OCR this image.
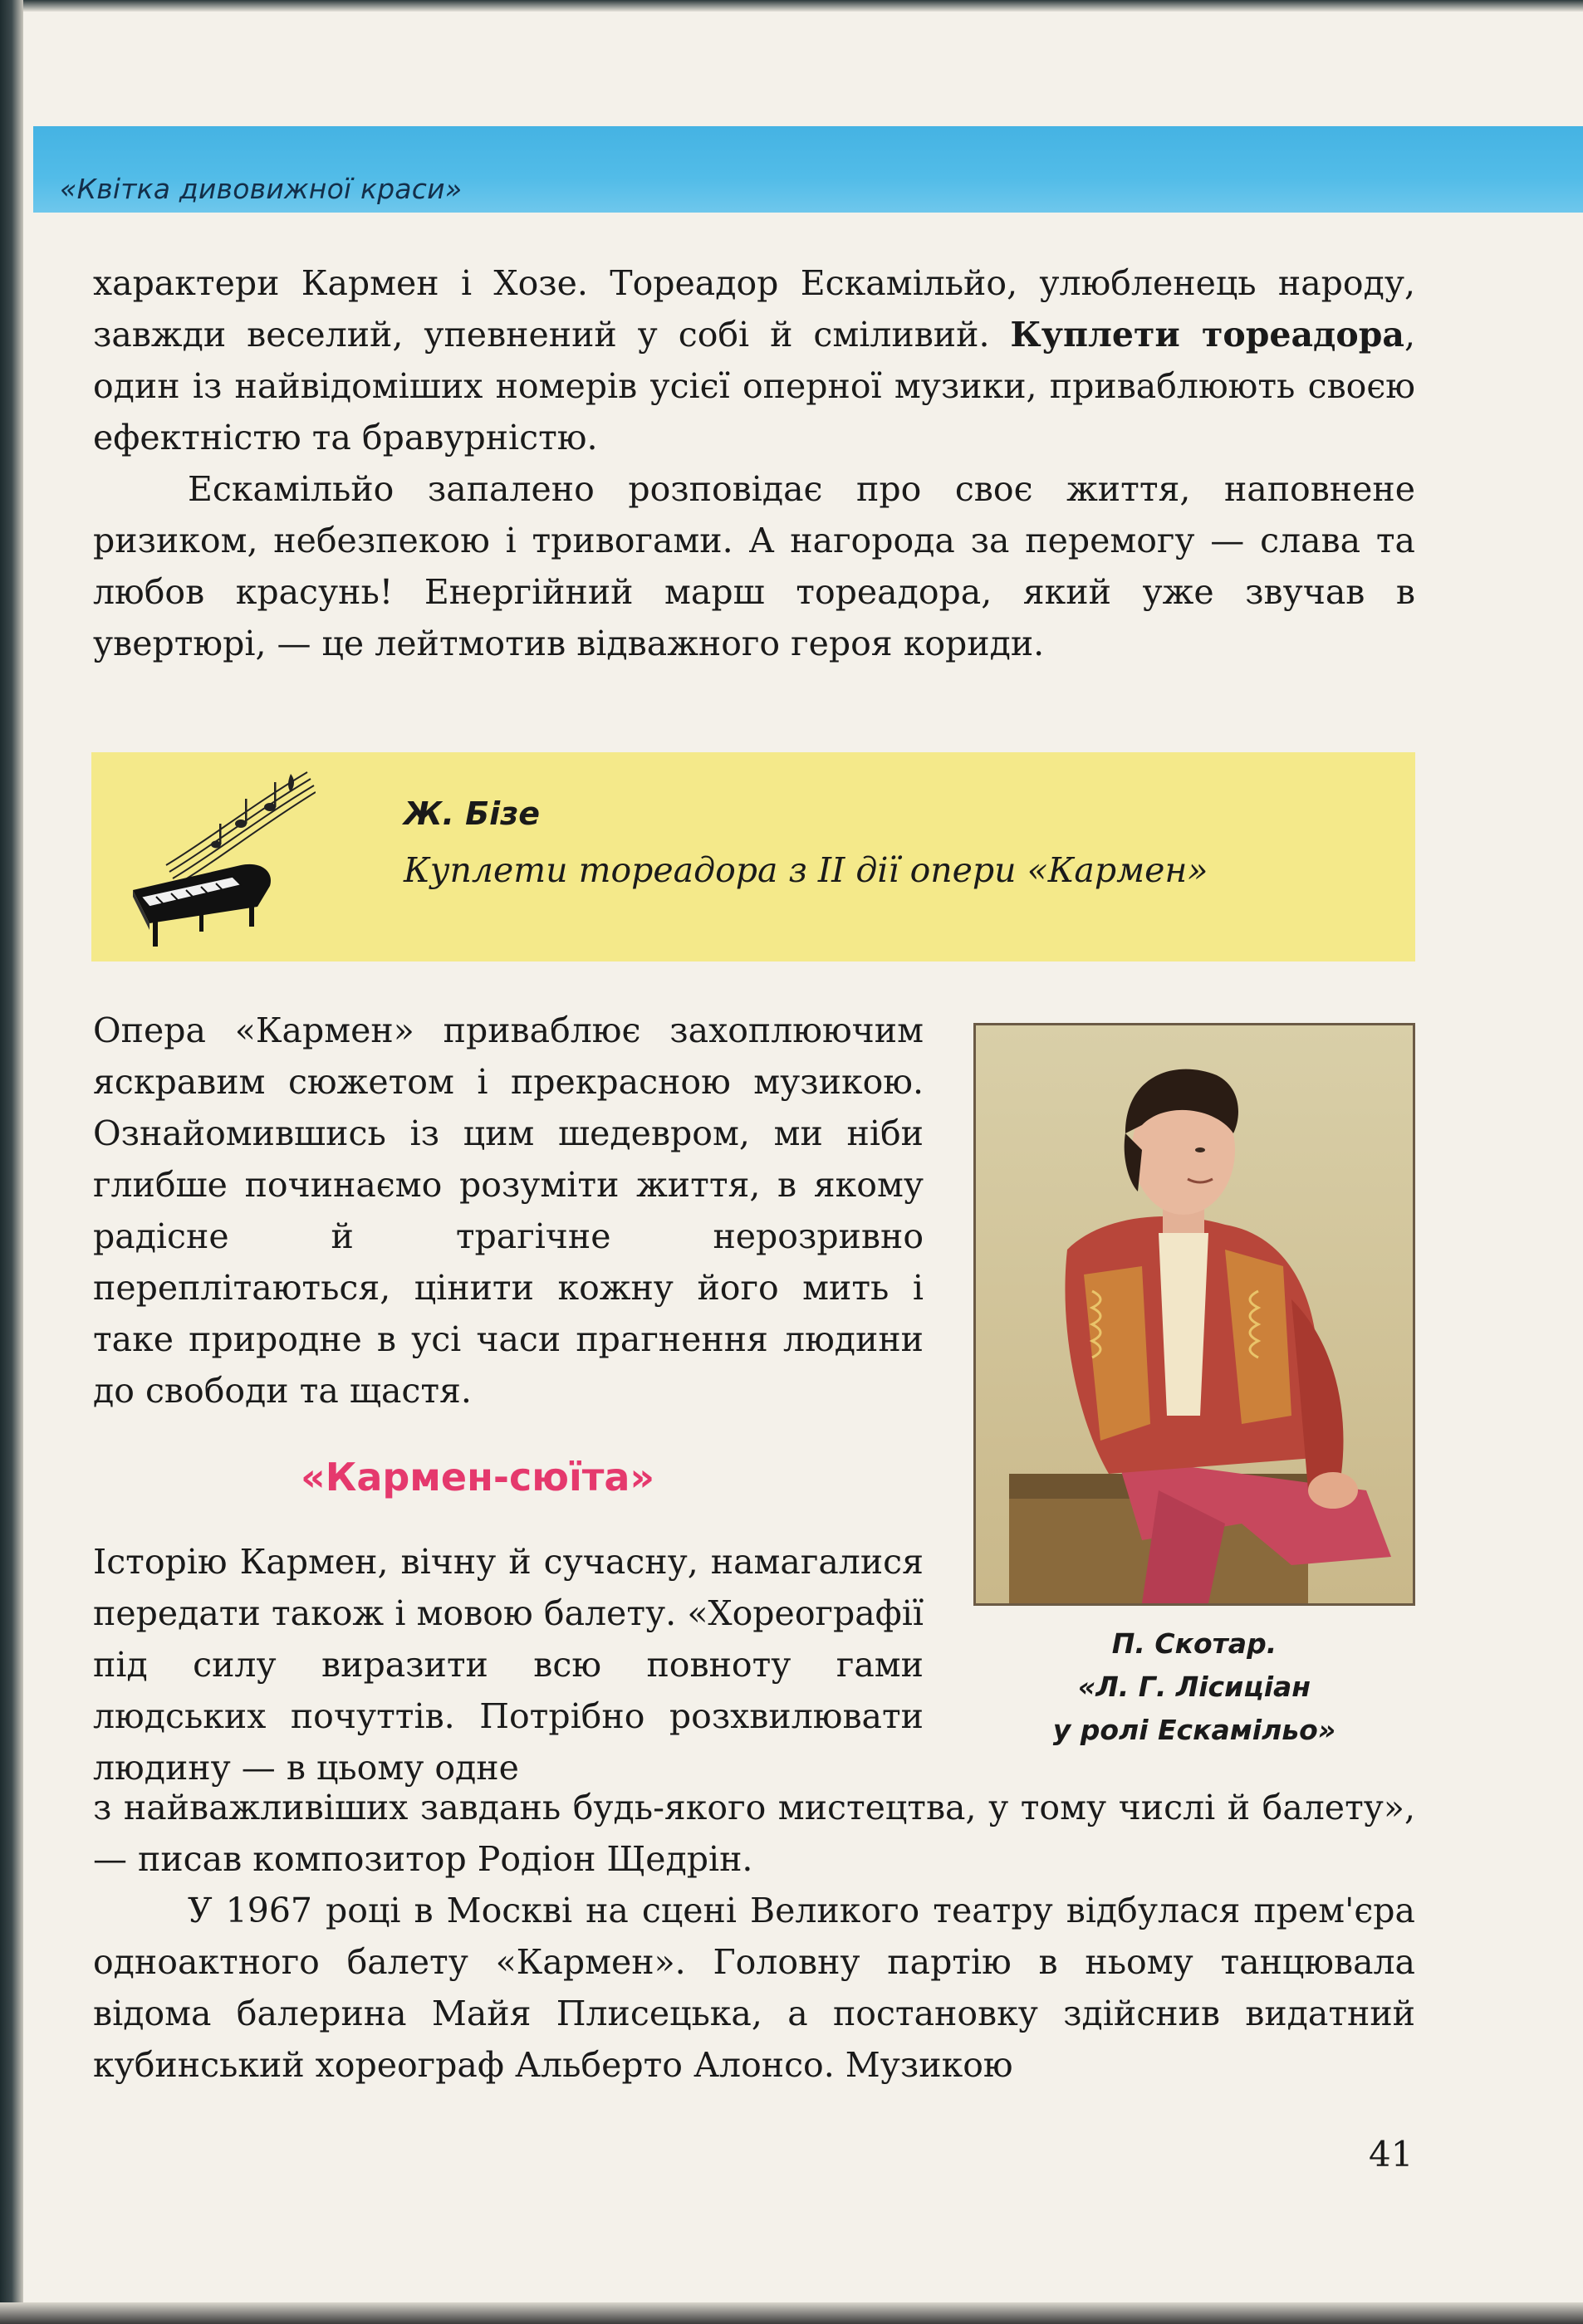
«Квітка дивовижної краси»

характери Кармен і Хозе. Тореадор Ескамільйо, улюбленець народу, завжди веселий, упевнений у собі й сміливий. Куплети тореадора, один із найвідоміших номерів усієї оперної музики, приваблюють своєю ефектністю та бравурністю.

Ескамільйо запалено розповідає про своє життя, наповнене ризиком, небезпекою і тривогами. А нагорода за перемогу — слава та любов красунь! Енергійний марш тореадора, який уже звучав в увертюрі, — це лейтмотив відважного героя кориди.

Ж. Бізе
Куплети тореадора з ІІ дії опери «Кармен»

Опера «Кармен» приваблює захоплюючим яскравим сюжетом і прекрасною музикою. Ознайомившись із цим шедевром, ми ніби глибше починаємо розуміти життя, в якому радісне й трагічне нерозривно переплітаються, цінити кожну його мить і таке природне в усі часи прагнення людини до свободи та щастя.

«Кармен-сюїта»

Історію Кармен, вічну й сучасну, намагалися передати також і мовою балету. «Хореографії під силу виразити всю повноту гами людських почуттів. Потрібно розхвилювати людину — в цьому одне

П. Скотар.
«Л. Г. Лісиціан
у ролі Ескамільо»

з найважливіших завдань будь-якого мистецтва, у тому числі й балету», — писав композитор Родіон Щедрін.

У 1967 році в Москві на сцені Великого театру відбулася прем'єра одноактного балету «Кармен». Головну партію в ньому танцювала відома балерина Майя Плисецька, а постановку здійснив видатний кубинський хореограф Альберто Алонсо. Музикою

41
